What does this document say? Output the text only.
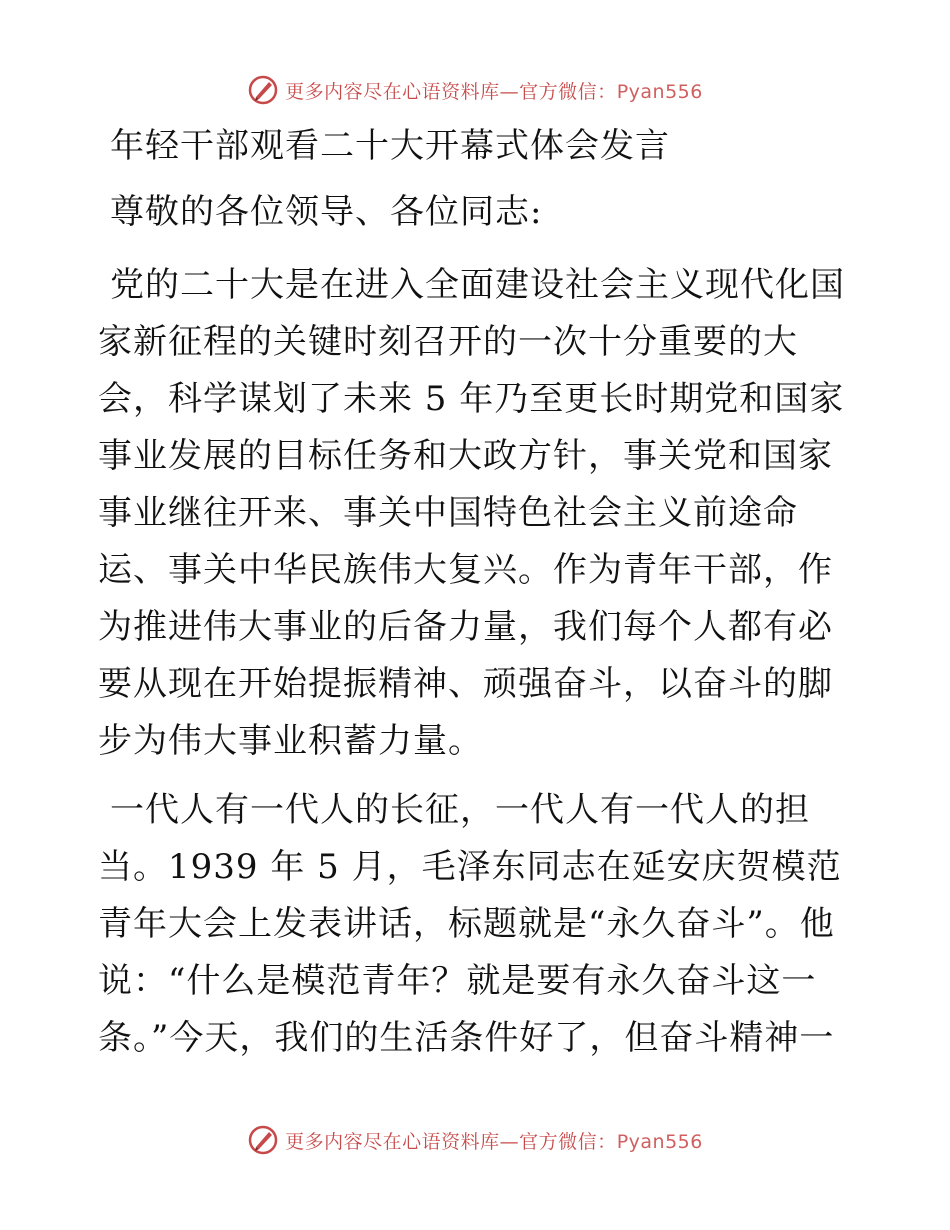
更多内容尽在心语资料库—官方微信：Pyan556
年轻干部观看二十大开幕式体会发言
尊敬的各位领导、各位同志:
党的二十大是在进入全面建设社会主义现代化国家新征程的关键时刻召开的一次十分重要的大会，科学谋划了未来 5 年乃至更长时期党和国家事业发展的目标任务和大政方针，事关党和国家事业继往开来、事关中国特色社会主义前途命运、事关中华民族伟大复兴。作为青年干部，作为推进伟大事业的后备力量，我们每个人都有必要从现在开始提振精神、顽强奋斗，以奋斗的脚步为伟大事业积蓄力量。
一代人有一代人的长征，一代人有一代人的担当。1939 年 5 月，毛泽东同志在延安庆贺模范青年大会上发表讲话，标题就是“永久奋斗”。他说：“什么是模范青年？就是要有永久奋斗这一条。”今天，我们的生活条件好了，但奋斗精神一
更多内容尽在心语资料库—官方微信：Pyan556
